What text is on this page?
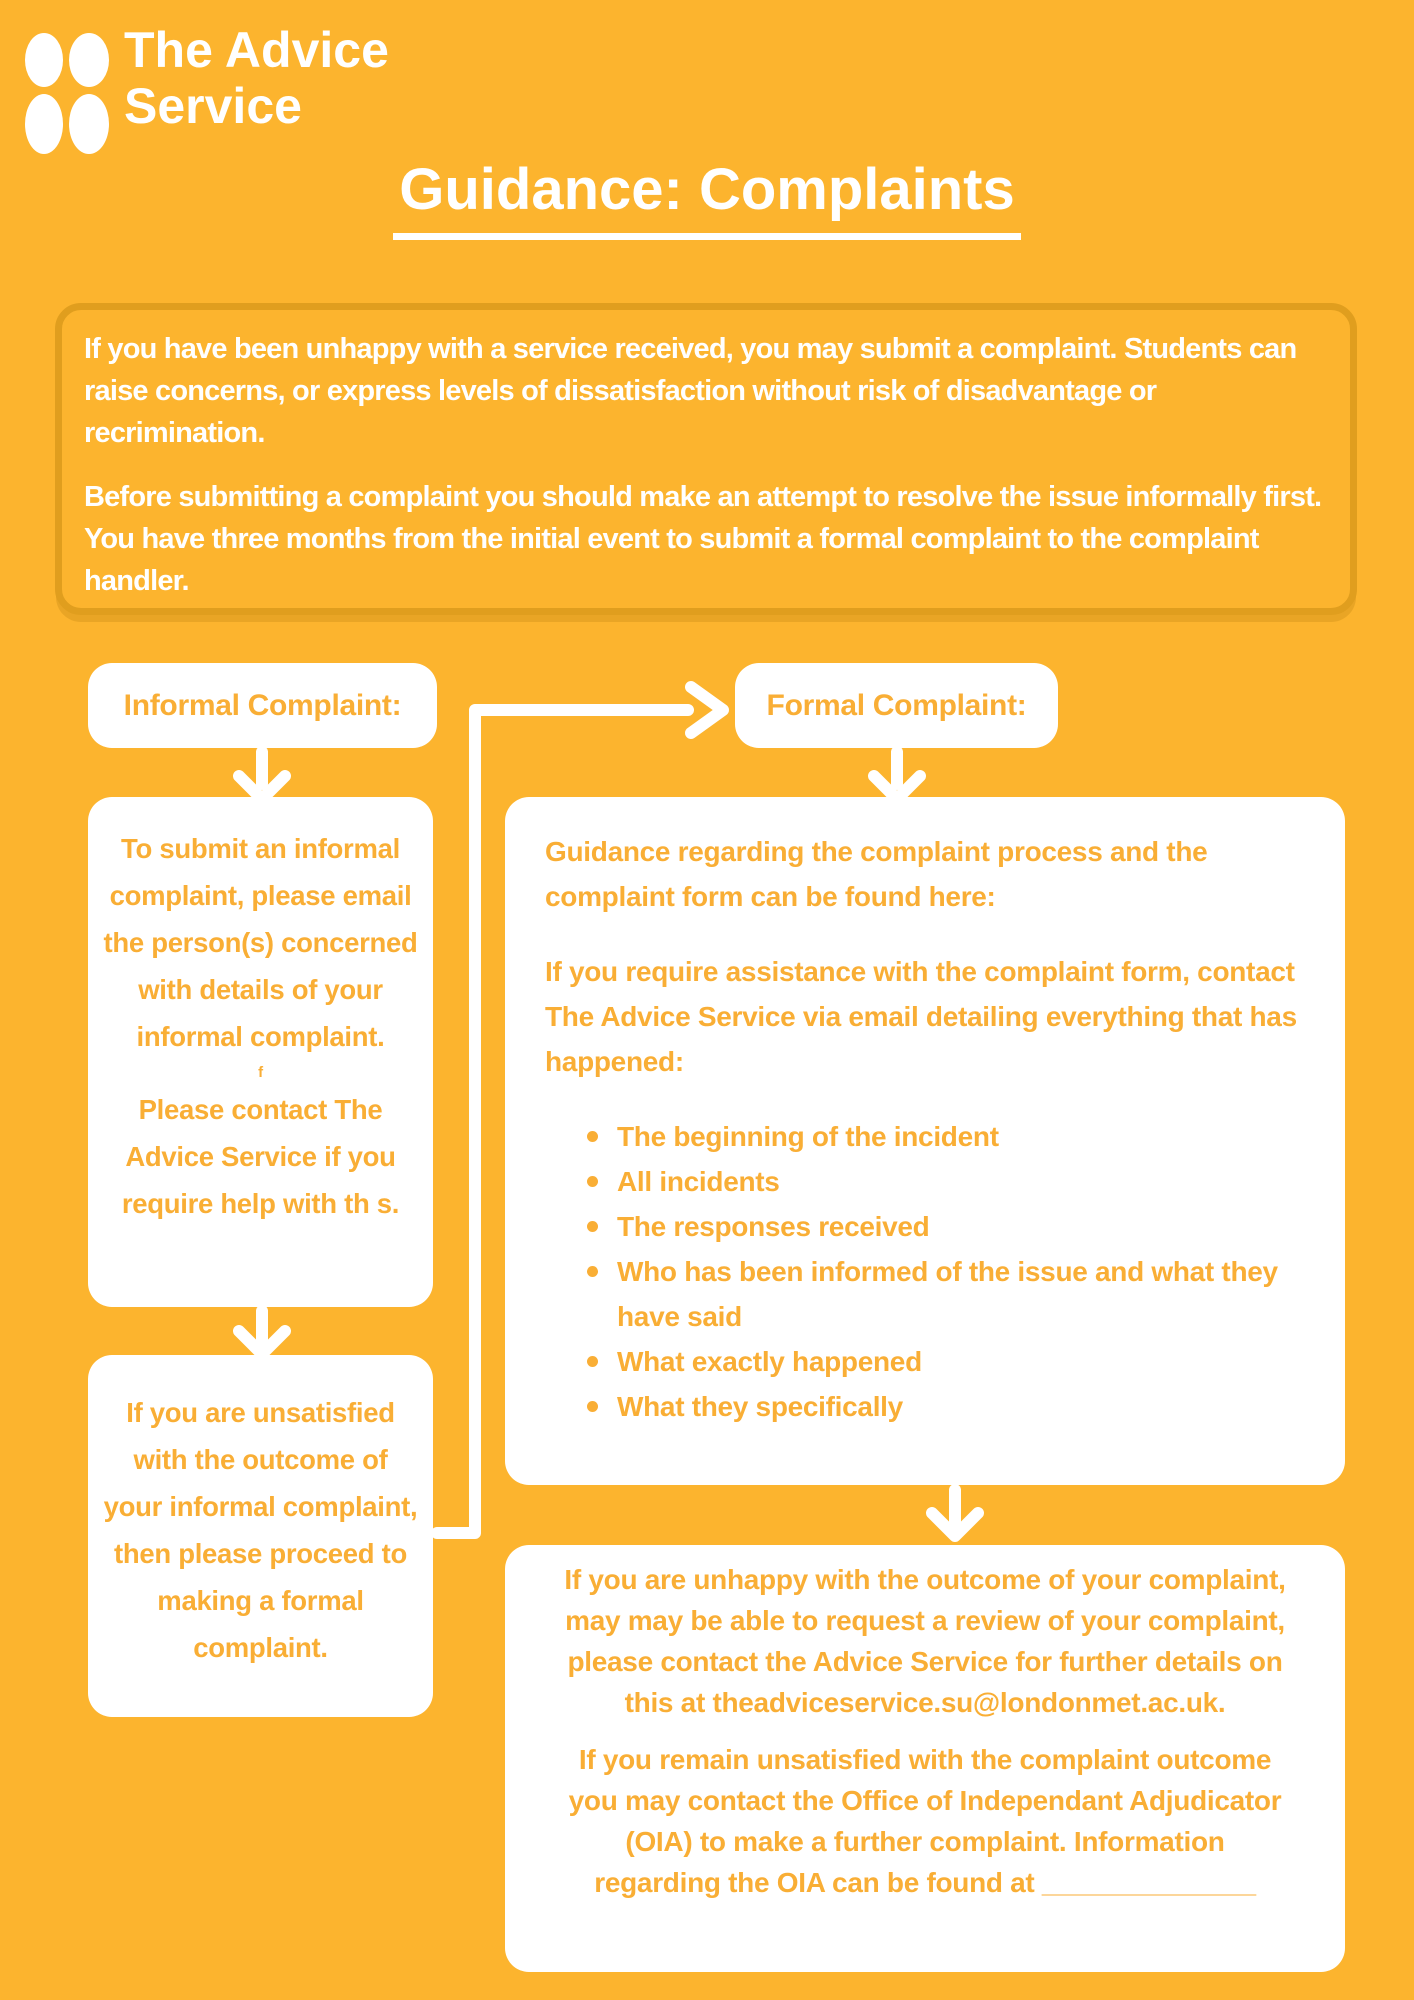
The Advice
Service
Guidance: Complaints

If you have been unhappy with a service received, you may submit a complaint. Students can raise concerns, or express levels of dissatisfaction without risk of disadvantage or recrimination.

Before submitting a complaint you should make an attempt to resolve the issue informally first. You have three months from the initial event to submit a formal complaint to the complaint handler.

Informal Complaint:	Formal Complaint:

To submit an informal complaint, please email the person(s) concerned with details of your informal complaint.

f

Please contact The Advice Service if you require help with th s.

If you are unsatisfied with the outcome of your informal complaint, then please proceed to making a formal complaint.

Guidance regarding the complaint process and the complaint form can be found here:

If you require assistance with the complaint form, contact The Advice Service via email detailing everything that has happened:

The beginning of the incident
All incidents
The responses received
Who has been informed of the issue and what they have said
What exactly happened
What they specifically

If you are unhappy with the outcome of your complaint, may may be able to request a review of your complaint, please contact the Advice Service for further details on this at theadviceservice.su@londonmet.ac.uk.

If you remain unsatisfied with the complaint outcome you may contact the Office of Independant Adjudicator (OIA) to make a further complaint. Information regarding the OIA can be found at ______________
